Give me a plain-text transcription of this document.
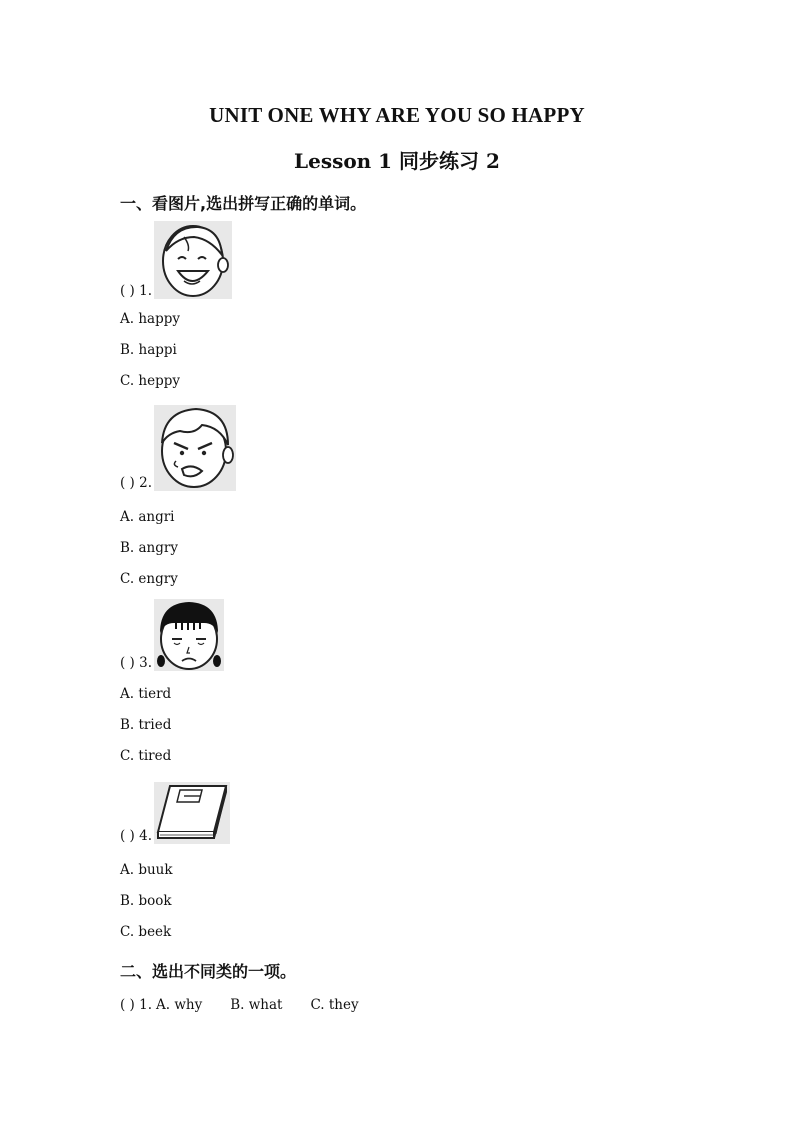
UNIT ONE WHY ARE YOU SO HAPPY
Lesson 1 同步练习 2
一、看图片,选出拼写正确的单词。
( ) 1.
A. happy
B. happi
C. heppy
( ) 2.
A. angri
B. angry
C. engry
( ) 3.
A. tierd
B. tried
C. tired
( ) 4.
A. buuk
B. book
C. beek
二、选出不同类的一项。
( ) 1. A. why B. what C. they
